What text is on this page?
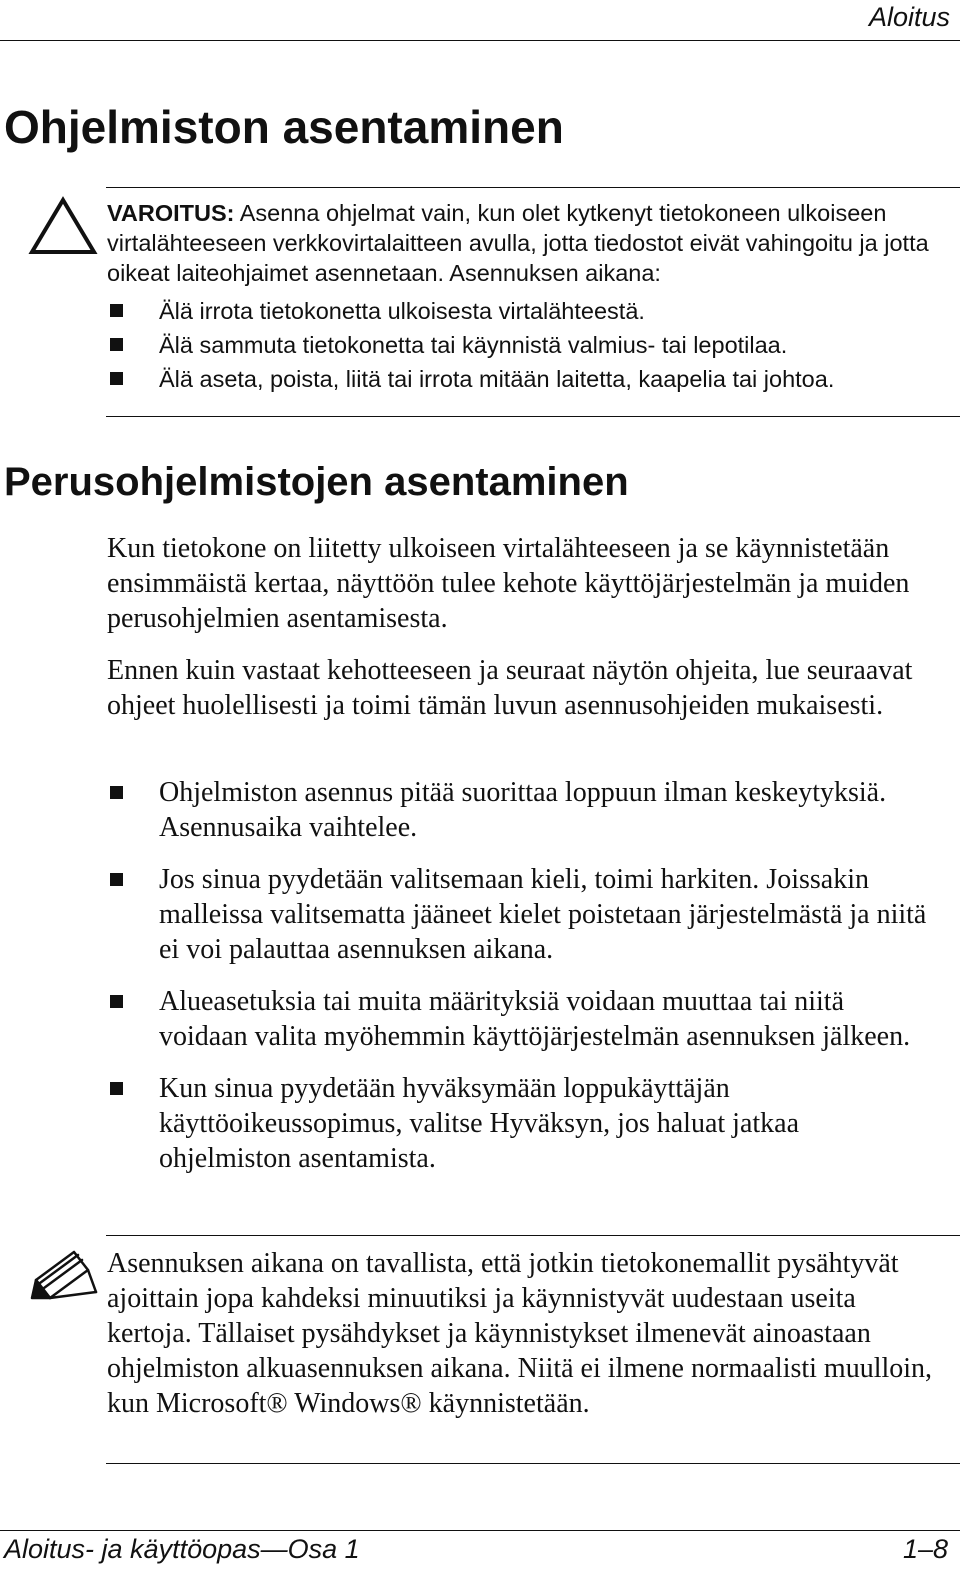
Aloitus
Ohjelmiston asentaminen

VAROITUS: Asenna ohjelmat vain, kun olet kytkenyt tietokoneen ulkoiseen virtalähteeseen verkkovirtalaitteen avulla, jotta tiedostot eivät vahingoitu ja jotta oikeat laiteohjaimet asennetaan. Asennuksen aikana:

Älä irrota tietokonetta ulkoisesta virtalähteestä.
Älä sammuta tietokonetta tai käynnistä valmius- tai lepotilaa.
Älä aseta, poista, liitä tai irrota mitään laitetta, kaapelia tai johtoa.
Perusohjelmistojen asentaminen

Kun tietokone on liitetty ulkoiseen virtalähteeseen ja se käynnistetään ensimmäistä kertaa, näyttöön tulee kehote käyttöjärjestelmän ja muiden perusohjelmien asentamisesta.

Ennen kuin vastaat kehotteeseen ja seuraat näytön ohjeita, lue seuraavat ohjeet huolellisesti ja toimi tämän luvun asennusohjeiden mukaisesti.

Ohjelmiston asennus pitää suorittaa loppuun ilman keskeytyksiä. Asennusaika vaihtelee.
Jos sinua pyydetään valitsemaan kieli, toimi harkiten. Joissakin malleissa valitsematta jääneet kielet poistetaan järjestelmästä ja niitä ei voi palauttaa asennuksen aikana.
Alueasetuksia tai muita määrityksiä voidaan muuttaa tai niitä voidaan valita myöhemmin käyttöjärjestelmän asennuksen jälkeen.
Kun sinua pyydetään hyväksymään loppukäyttäjän käyttöoikeussopimus, valitse Hyväksyn, jos haluat jatkaa ohjelmiston asentamista.

Asennuksen aikana on tavallista, että jotkin tietokonemallit pysähtyvät ajoittain jopa kahdeksi minuutiksi ja käynnistyvät uudestaan useita kertoja. Tällaiset pysähdykset ja käynnistykset ilmenevät ainoastaan ohjelmiston alkuasennuksen aikana. Niitä ei ilmene normaalisti muulloin, kun Microsoft® Windows® käynnistetään.

Aloitus- ja käyttöopas—Osa 1	1–8
